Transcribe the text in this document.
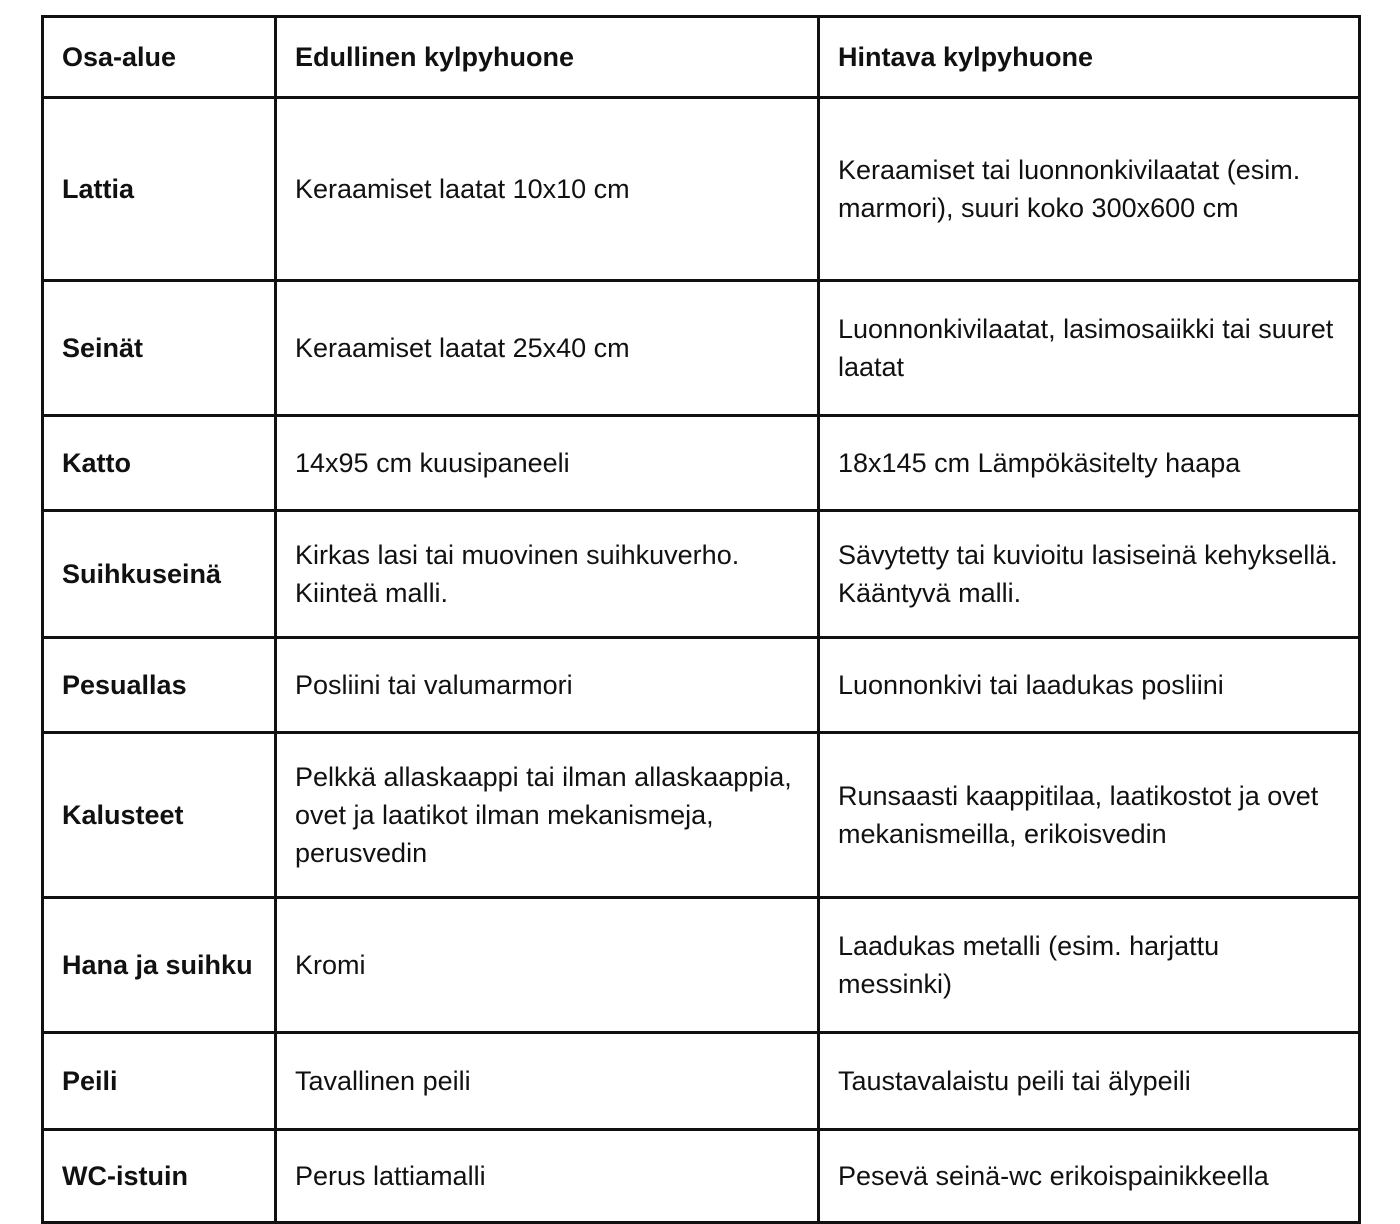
Osa-alue	Edullinen kylpyhuone	Hintava kylpyhuone
Lattia	Keraamiset laatat 10x10 cm	Keraamiset tai luonnonkivilaatat (esim. marmori), suuri koko 300x600 cm
Seinät	Keraamiset laatat 25x40 cm	Luonnonkivilaatat, lasimosaiikki tai suuret laatat
Katto	14x95 cm kuusipaneeli	18x145 cm Lämpökäsitelty haapa
Suihkuseinä	Kirkas lasi tai muovinen suihkuverho. Kiinteä malli.	Sävytetty tai kuvioitu lasiseinä kehyksellä. Kääntyvä malli.
Pesuallas	Posliini tai valumarmori	Luonnonkivi tai laadukas posliini
Kalusteet	Pelkkä allaskaappi tai ilman allaskaappia, ovet ja laatikot ilman mekanismeja, perusvedin	Runsaasti kaappitilaa, laatikostot ja ovet mekanismeilla, erikoisvedin
Hana ja suihku	Kromi	Laadukas metalli (esim. harjattu messinki)
Peili	Tavallinen peili	Taustavalaistu peili tai älypeili
WC-istuin	Perus lattiamalli	Pesevä seinä-wc erikoispainikkeella
